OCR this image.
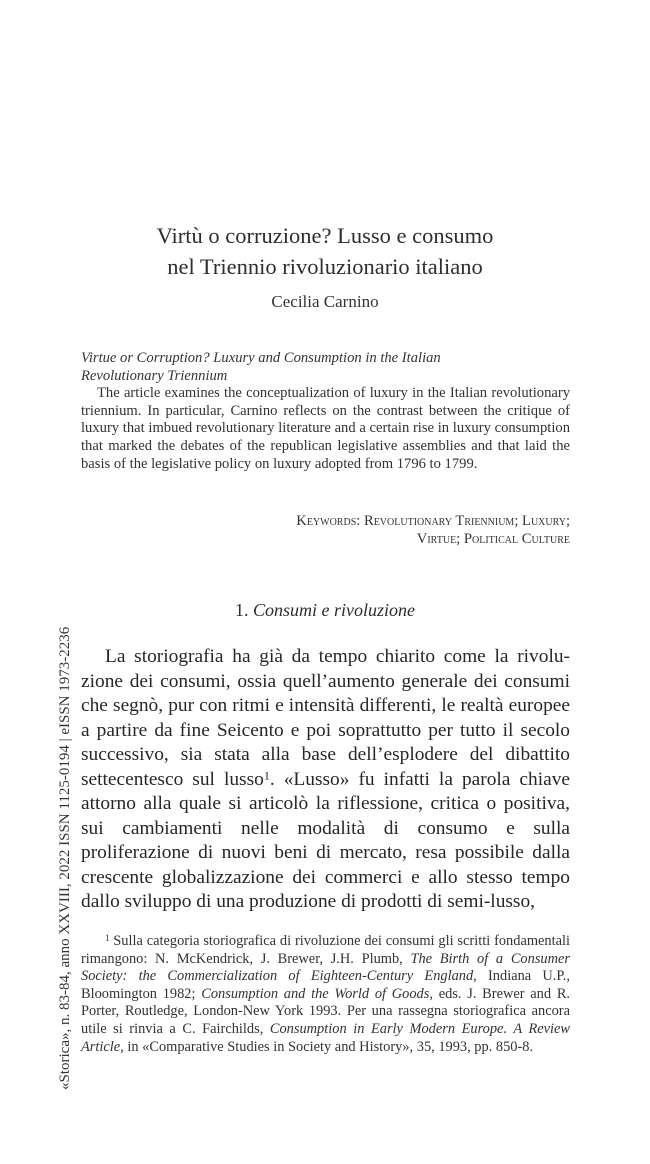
Virtù o corruzione? Lusso e consumo
nel Triennio rivoluzionario italiano
Cecilia Carnino
Virtue or Corruption? Luxury and Consumption in the Italian
Revolutionary Triennium
The article examines the conceptualization of luxury in the Italian revolutionary triennium. In particular, Carnino reflects on the contrast between the critique of luxury that imbued revolutionary literature and a certain rise in luxury consumption that marked the debates of the republican legislative assemblies and that laid the basis of the legislative policy on luxury adopted from 1796 to 1799.
Keywords: Revolutionary Triennium; Luxury;
Virtue; Political Culture
1. Consumi e rivoluzione
La storiografia ha già da tempo chiarito come la rivoluzione dei consumi, ossia quell’aumento generale dei consumi che segnò, pur con ritmi e intensità differenti, le realtà europee a partire da fine Seicento e poi soprattutto per tutto il secolo successivo, sia stata alla base dell’esplodere del dibattito settecentesco sul lusso$^1$. «Lusso» fu infatti la parola chiave attorno alla quale si articolò la riflessione, critica o positiva, sui cambiamenti nelle modalità di consumo e sulla proliferazione di nuovi beni di mercato, resa possibile dalla crescente globalizzazione dei commerci e allo stesso tempo dallo sviluppo di una produzione di prodotti di semi-lusso,
$^1$ Sulla categoria storiografica di rivoluzione dei consumi gli scritti fondamentali rimangono: N. McKendrick, J. Brewer, J.H. Plumb, The Birth of a Consumer Society: the Commercialization of Eighteen-Century England, Indiana U.P., Bloomington 1982; Consumption and the World of Goods, eds. J. Brewer and R. Porter, Routledge, London-New York 1993. Per una rassegna storiografica ancora utile si rinvia a C. Fairchilds, Consumption in Early Modern Europe. A Review Article, in «Comparative Studies in Society and History», 35, 1993, pp. 850-8.
«Storica», n. 83-84, anno XXVIII, 2022 ISSN 1125-0194 | eISSN 1973-2236
